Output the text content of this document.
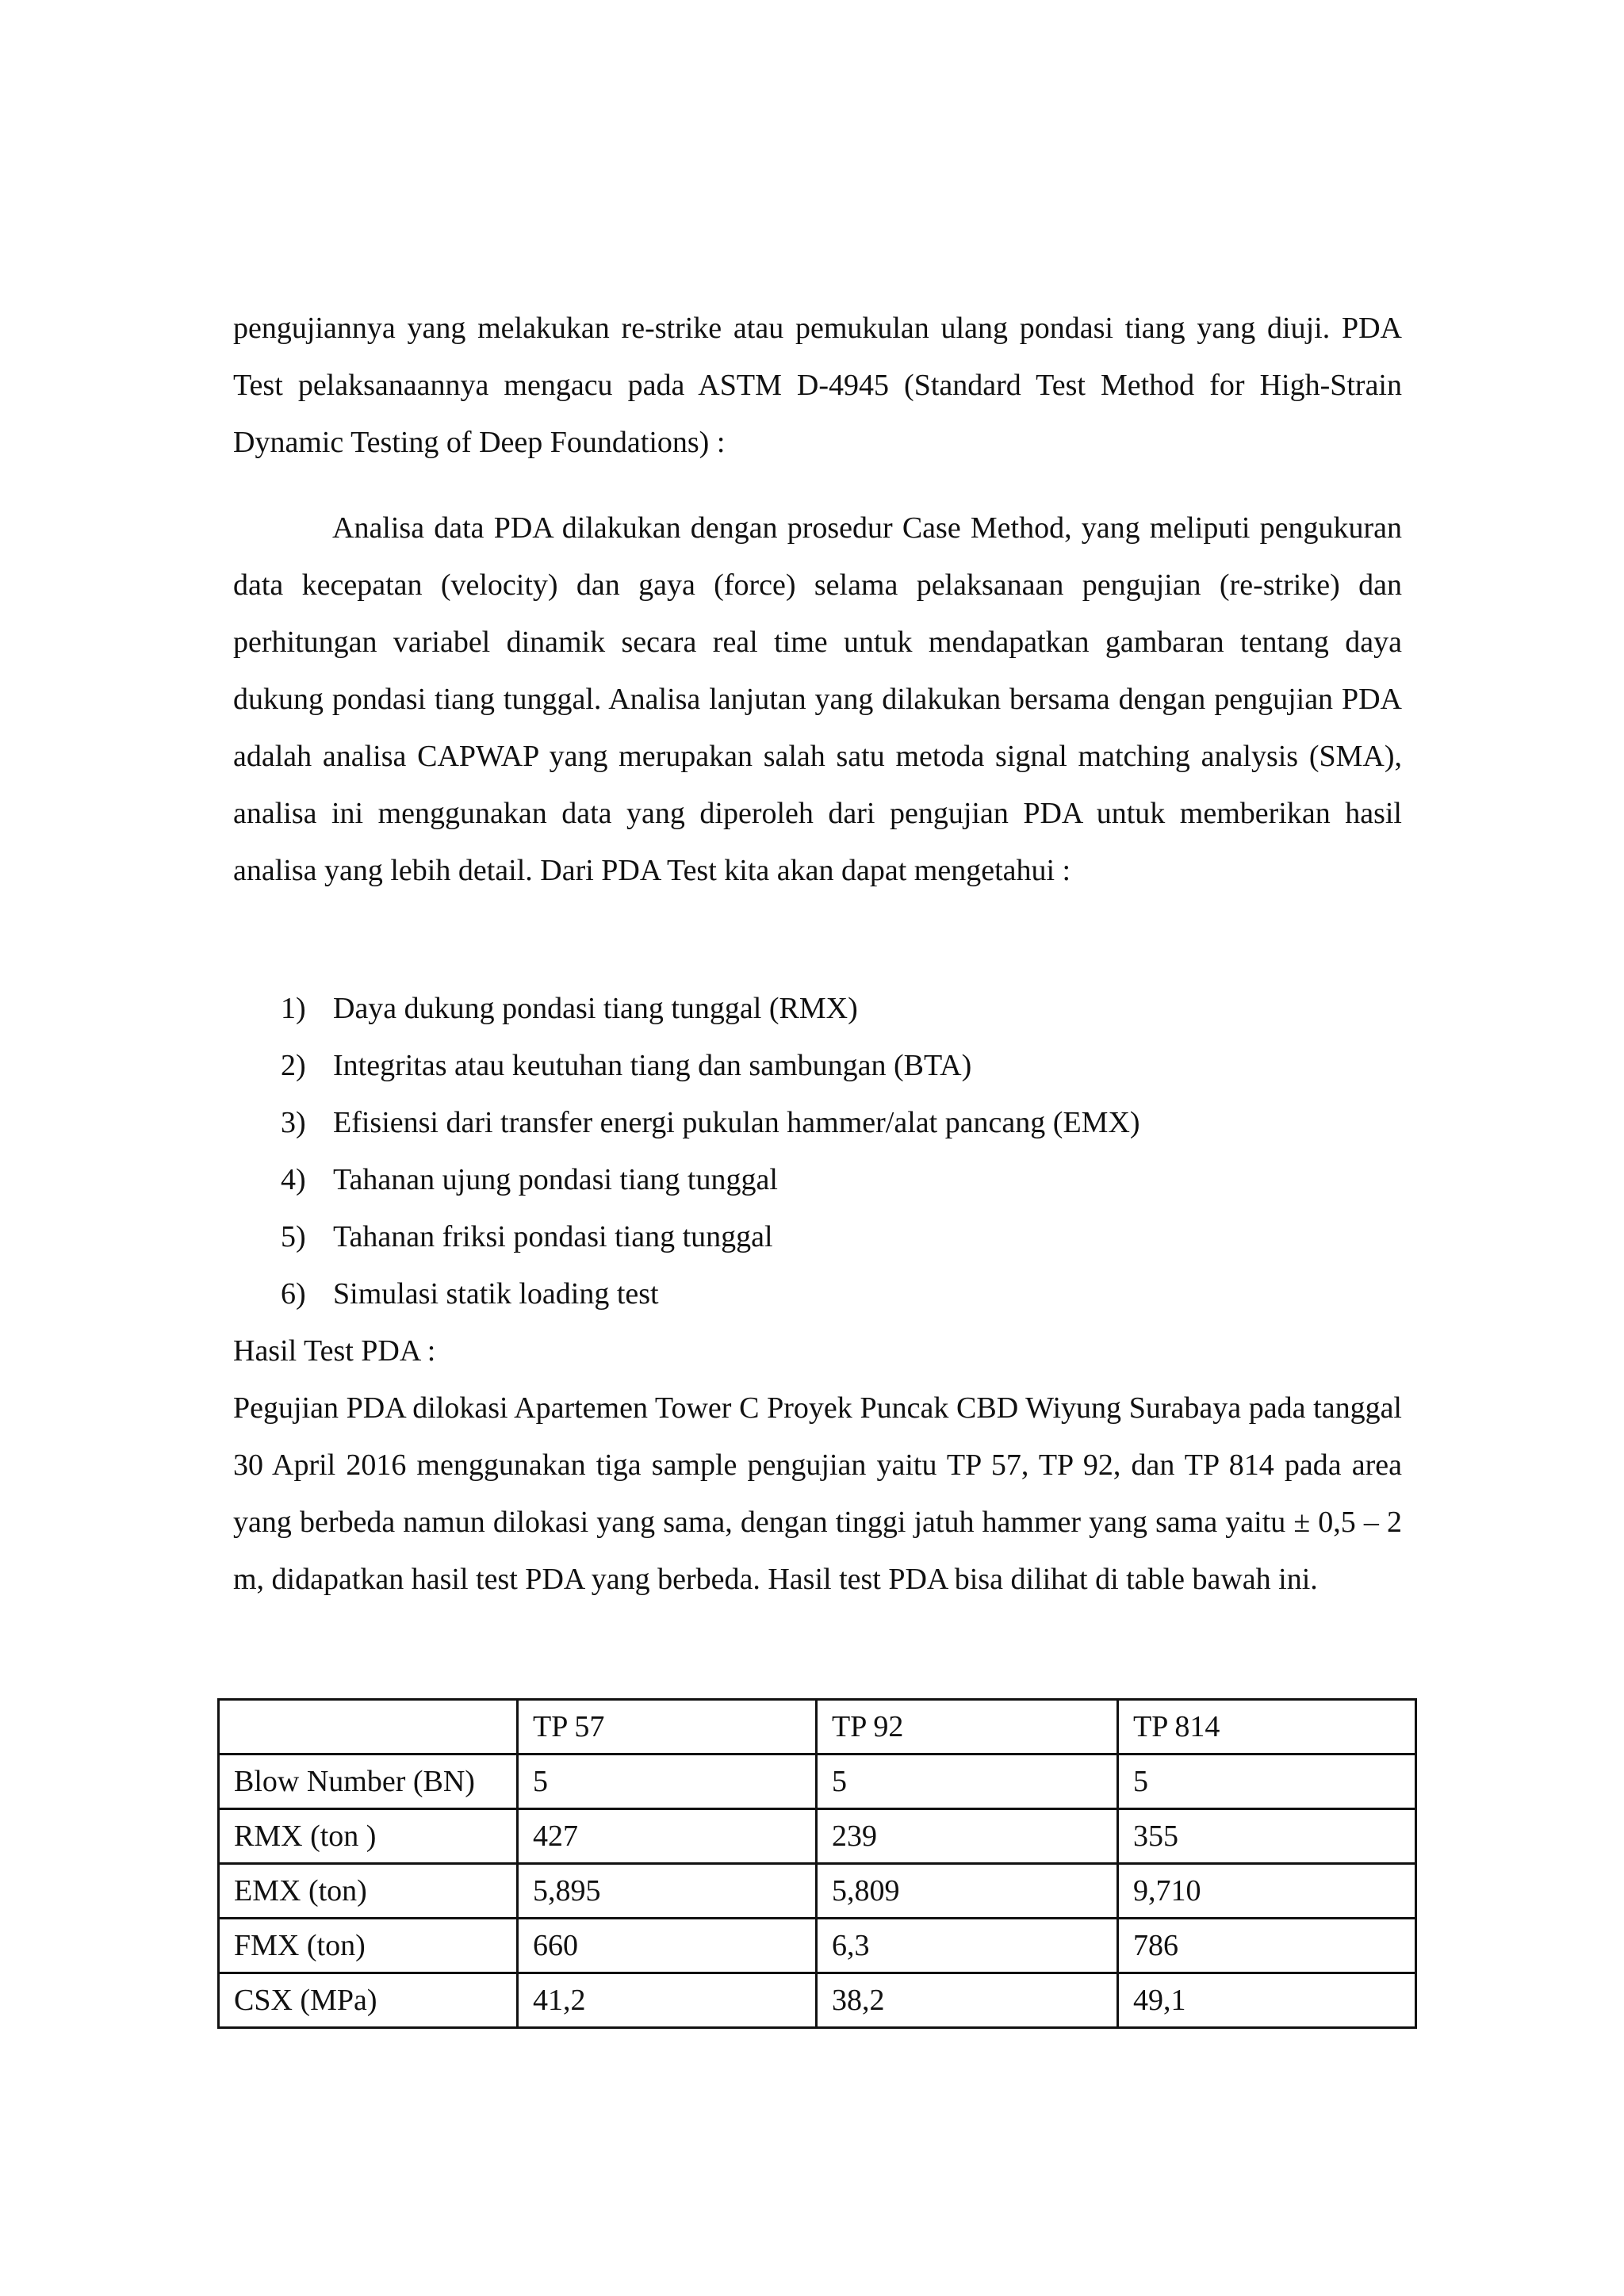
pengujiannya yang melakukan re-strike atau pemukulan ulang pondasi tiang yang diuji. PDA Test pelaksanaannya mengacu pada ASTM D-4945 (Standard Test Method for High-Strain Dynamic Testing of Deep Foundations) :

Analisa data PDA dilakukan dengan prosedur Case Method, yang meliputi pengukuran data kecepatan (velocity) dan gaya (force) selama pelaksanaan pengujian (re-strike) dan perhitungan variabel dinamik secara real time untuk mendapatkan gambaran tentang daya dukung pondasi tiang tunggal. Analisa lanjutan yang dilakukan bersama dengan pengujian PDA adalah analisa CAPWAP yang merupakan salah satu metoda signal matching analysis (SMA), analisa ini menggunakan data yang diperoleh dari pengujian PDA untuk memberikan hasil analisa yang lebih detail. Dari PDA Test kita akan dapat mengetahui :

1) Daya dukung pondasi tiang tunggal (RMX)
2) Integritas atau keutuhan tiang dan sambungan (BTA)
3) Efisiensi dari transfer energi pukulan hammer/alat pancang (EMX)
4) Tahanan ujung pondasi tiang tunggal
5) Tahanan friksi pondasi tiang tunggal
6) Simulasi statik loading test

Hasil Test PDA :

Pegujian PDA dilokasi Apartemen Tower C Proyek Puncak CBD Wiyung Surabaya pada tanggal 30 April 2016 menggunakan tiga sample pengujian yaitu TP 57, TP 92, dan TP 814 pada area yang berbeda namun dilokasi yang sama, dengan tinggi jatuh hammer yang sama yaitu ± 0,5 – 2 m, didapatkan hasil test PDA yang berbeda. Hasil test PDA bisa dilihat di table bawah ini.

	TP 57	TP 92	TP 814
Blow Number (BN)	5	5	5
RMX (ton )	427	239	355
EMX (ton)	5,895	5,809	9,710
FMX (ton)	660	6,3	786
CSX (MPa)	41,2	38,2	49,1
